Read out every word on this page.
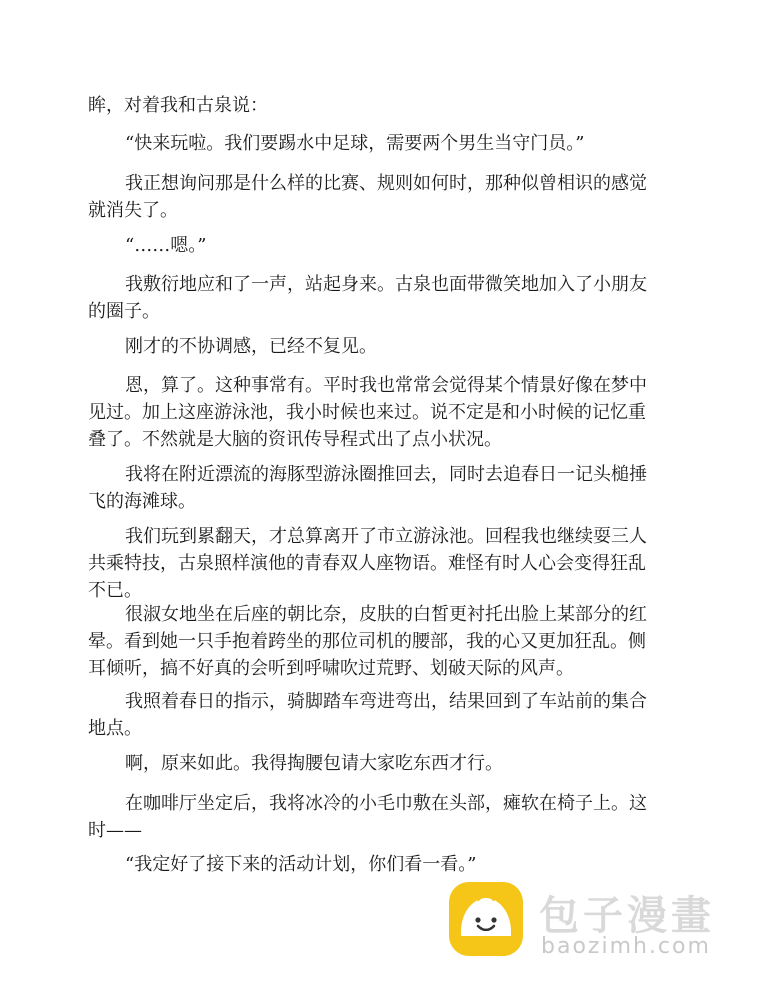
眸，对着我和古泉说：
“快来玩啦。我们要踢水中足球，需要两个男生当守门员。”
我正想询问那是什么样的比赛、规则如何时，那种似曾相识的感觉
就消失了。
“……嗯。”
我敷衍地应和了一声，站起身来。古泉也面带微笑地加入了小朋友
的圈子。
刚才的不协调感，已经不复见。
恩，算了。这种事常有。平时我也常常会觉得某个情景好像在梦中
见过。加上这座游泳池，我小时候也来过。说不定是和小时候的记忆重
叠了。不然就是大脑的资讯传导程式出了点小状况。
我将在附近漂流的海豚型游泳圈推回去，同时去追春日一记头槌捶
飞的海滩球。
我们玩到累翻天，才总算离开了市立游泳池。回程我也继续耍三人
共乘特技，古泉照样演他的青春双人座物语。难怪有时人心会变得狂乱
不已。
很淑女地坐在后座的朝比奈，皮肤的白皙更衬托出脸上某部分的红
晕。看到她一只手抱着跨坐的那位司机的腰部，我的心又更加狂乱。侧
耳倾听，搞不好真的会听到呼啸吹过荒野、划破天际的风声。
我照着春日的指示，骑脚踏车弯进弯出，结果回到了车站前的集合
地点。
啊，原来如此。我得掏腰包请大家吃东西才行。
在咖啡厅坐定后，我将冰冷的小毛巾敷在头部，瘫软在椅子上。这
时——
“我定好了接下来的活动计划，你们看一看。”
包子漫畫
baozimh.com
